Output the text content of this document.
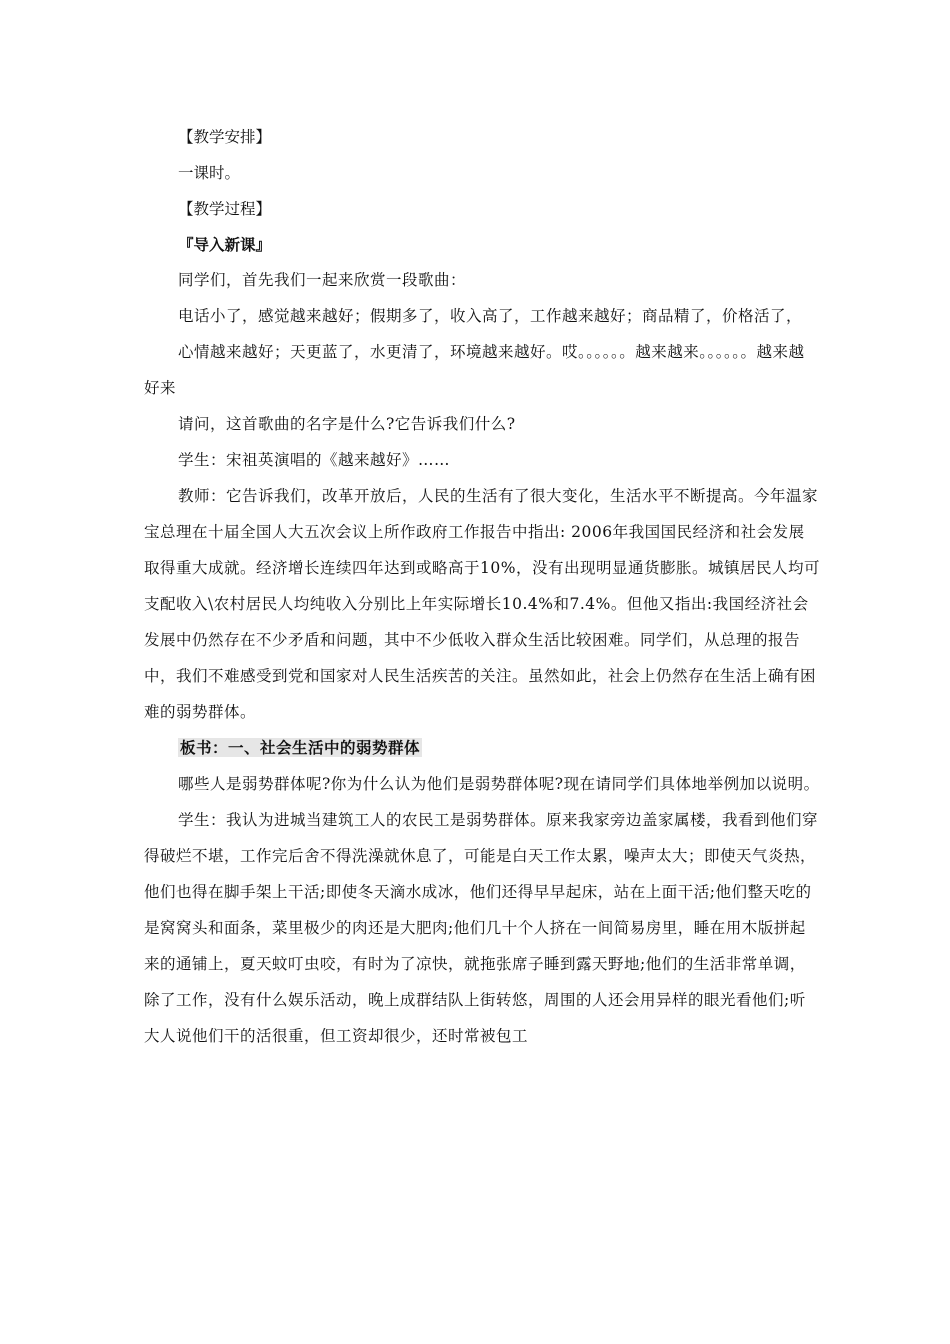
【教学安排】
一课时。
【教学过程】
『导入新课』

同学们，首先我们一起来欣赏一段歌曲：

电话小了，感觉越来越好；假期多了，收入高了，工作越来越好；商品精了，价格活了，

心情越来越好；天更蓝了，水更清了，环境越来越好。哎。。。。。。越来越来。。。。。。越来越好来

请问，这首歌曲的名字是什么?它告诉我们什么?

学生：宋祖英演唱的《越来越好》……

教师：它告诉我们，改革开放后，人民的生活有了很大变化，生活水平不断提高。今年温家宝总理在十届全国人大五次会议上所作政府工作报告中指出: 2006年我国国民经济和社会发展取得重大成就。经济增长连续四年达到或略高于10%，没有出现明显通货膨胀。城镇居民人均可支配收入\农村居民人均纯收入分别比上年实际增长10.4%和7.4%。但他又指出:我国经济社会发展中仍然存在不少矛盾和问题，其中不少低收入群众生活比较困难。同学们，从总理的报告中，我们不难感受到党和国家对人民生活疾苦的关注。虽然如此，社会上仍然存在生活上确有困难的弱势群体。

板书：一、社会生活中的弱势群体

哪些人是弱势群体呢?你为什么认为他们是弱势群体呢?现在请同学们具体地举例加以说明。

学生：我认为进城当建筑工人的农民工是弱势群体。原来我家旁边盖家属楼，我看到他们穿得破烂不堪，工作完后舍不得洗澡就休息了，可能是白天工作太累，噪声太大；即使天气炎热，他们也得在脚手架上干活;即使冬天滴水成冰，他们还得早早起床，站在上面干活;他们整天吃的是窝窝头和面条，菜里极少的肉还是大肥肉;他们几十个人挤在一间简易房里，睡在用木版拼起来的通铺上，夏天蚊叮虫咬，有时为了凉快，就拖张席子睡到露天野地;他们的生活非常单调，除了工作，没有什么娱乐活动，晚上成群结队上街转悠，周围的人还会用异样的眼光看他们;听大人说他们干的活很重，但工资却很少，还时常被包工
